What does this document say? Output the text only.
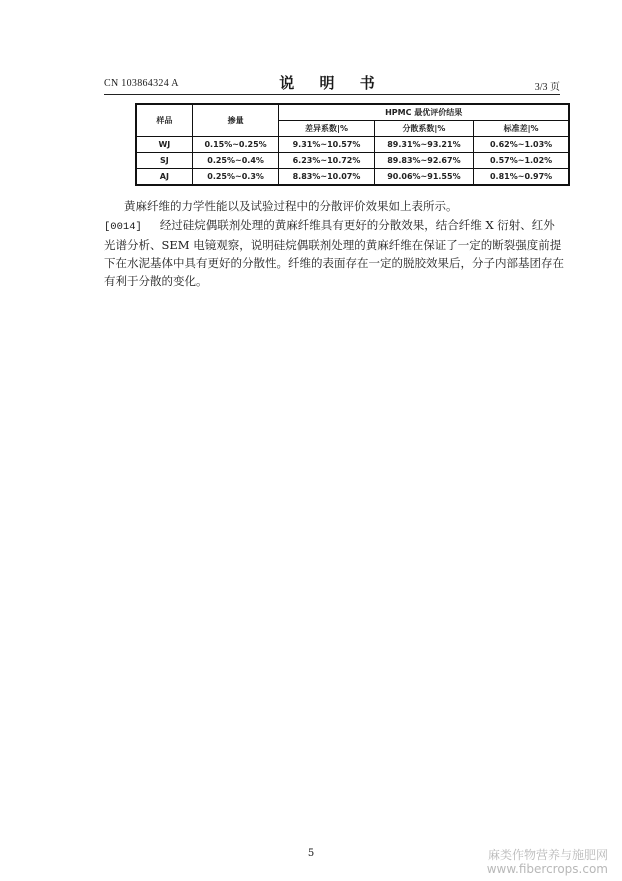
CN 103864324 A	说 明 书	3/3 页
样品	掺量	HPMC 最优评价结果		
		差异系数|%	分散系数|%	标准差|%
WJ	0.15%~0.25%	9.31%~10.57%	89.31%~93.21%	0.62%~1.03%
SJ	0.25%~0.4%	6.23%~10.72%	89.83%~92.67%	0.57%~1.02%
AJ	0.25%~0.3%	8.83%~10.07%	90.06%~91.55%	0.81%~0.97%
黄麻纤维的力学性能以及试验过程中的分散评价效果如上表所示。
[0014] 经过硅烷偶联剂处理的黄麻纤维具有更好的分散效果，结合纤维 X 衍射、红外光谱分析、SEM 电镜观察，说明硅烷偶联剂处理的黄麻纤维在保证了一定的断裂强度前提下在水泥基体中具有更好的分散性。纤维的表面存在一定的脱胶效果后，分子内部基团存在有利于分散的变化。
5	麻类作物营养与施肥网
www.fibercrops.com
